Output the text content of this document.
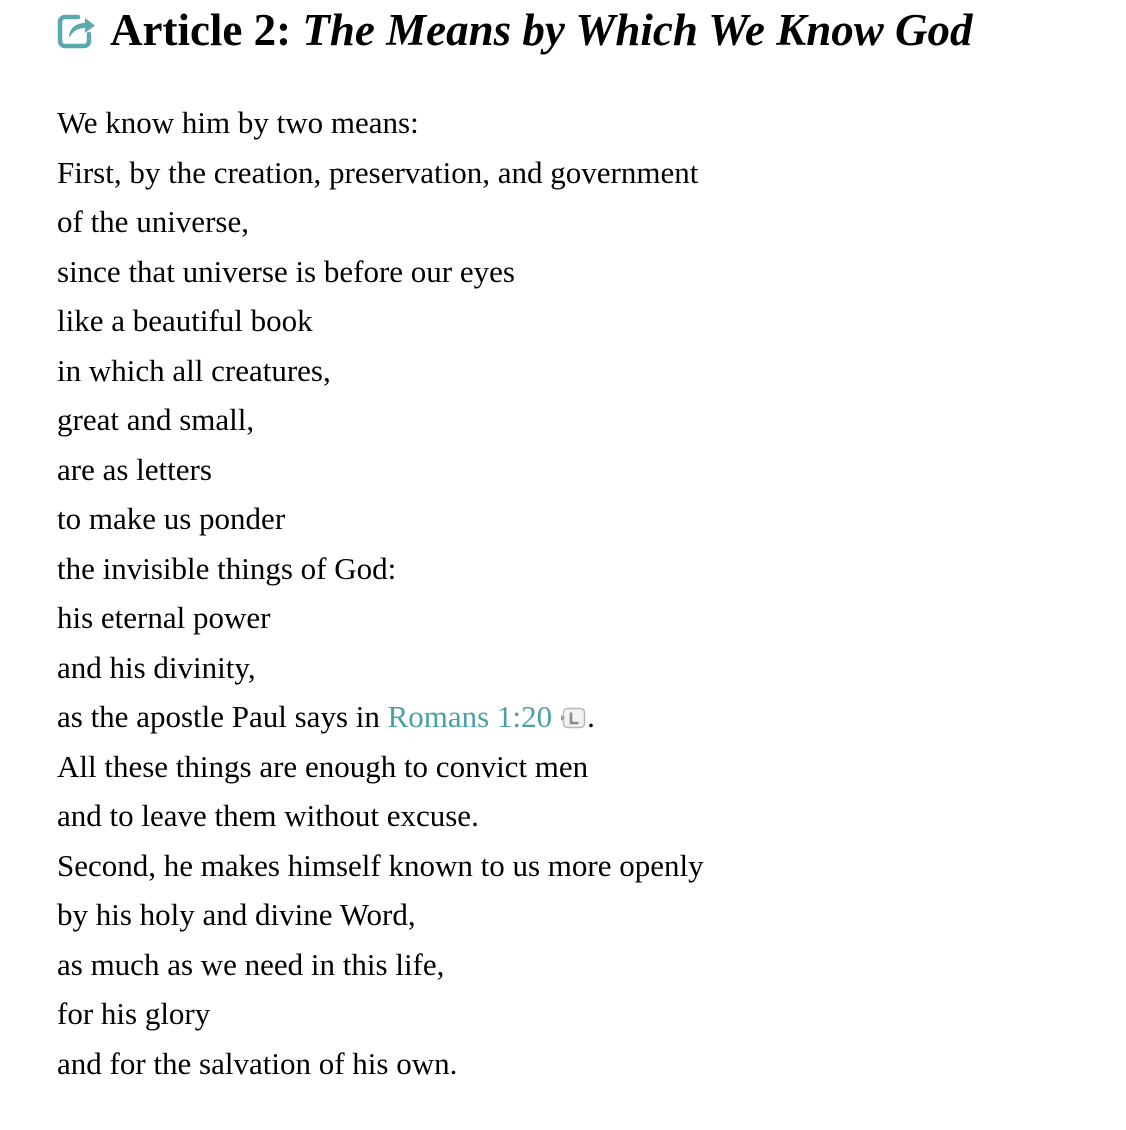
Article 2: The Means by Which We Know God
We know him by two means:
First, by the creation, preservation, and government
of the universe,
since that universe is before our eyes
like a beautiful book
in which all creatures,
great and small,
are as letters
to make us ponder
the invisible things of God:
his eternal power
and his divinity,
as the apostle Paul says in Romans 1:20 .
All these things are enough to convict men
and to leave them without excuse.
Second, he makes himself known to us more openly
by his holy and divine Word,
as much as we need in this life,
for his glory
and for the salvation of his own.
